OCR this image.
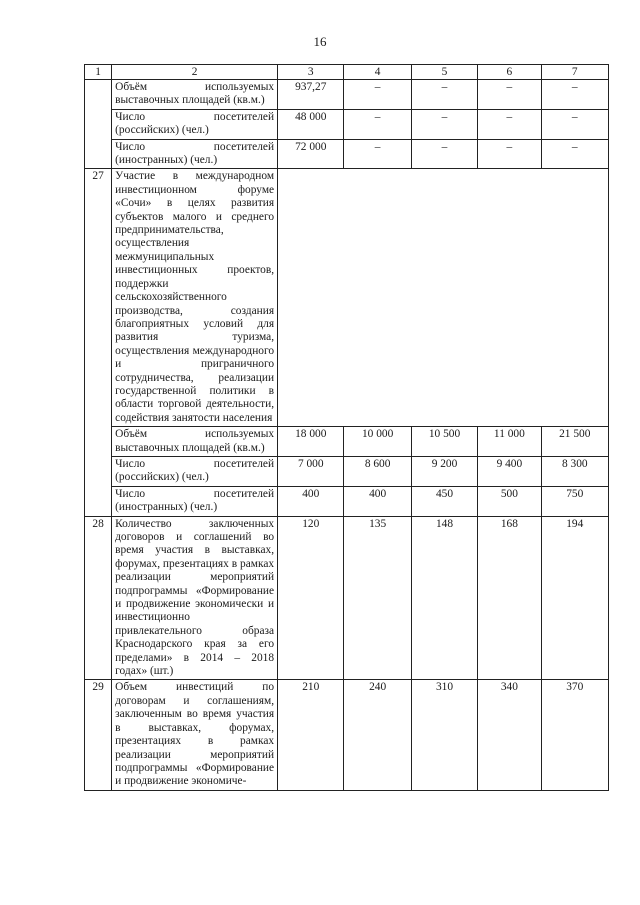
16
1	2	3	4	5	6	7
	Объём используемых выставочных площадей (кв.м.)	937,27	–	–	–	–
	Число посетителей (российских) (чел.)	48 000	–	–	–	–
	Число посетителей (иностранных) (чел.)	72 000	–	–	–	–
27	Участие в международном инвестиционном форуме «Сочи» в целях развития субъектов малого и среднего предпринимательства, осуществления межмуниципальных инвестиционных проектов, поддержки сельскохозяйственного производства, создания благоприятных условий для развития туризма, осуществления международного и приграничного сотрудничества, реализации государственной политики в области торговой деятельности, содействия занятости населения					
	Объём используемых выставочных площадей (кв.м.)	18 000	10 000	10 500	11 000	21 500
	Число посетителей (российских) (чел.)	7 000	8 600	9 200	9 400	8 300
	Число посетителей (иностранных) (чел.)	400	400	450	500	750
28	Количество заключенных договоров и соглашений во время участия в выставках, форумах, презентациях в рамках реализации мероприятий подпрограммы «Формирование и продвижение экономически и инвестиционно привлекательного образа Краснодарского края за его пределами» в 2014 – 2018 годах» (шт.)	120	135	148	168	194
29	Объем инвестиций по договорам и соглашениям, заключенным во время участия в выставках, форумах, презентациях в рамках реализации мероприятий подпрограммы «Формирование и продвижение экономиче-	210	240	310	340	370
